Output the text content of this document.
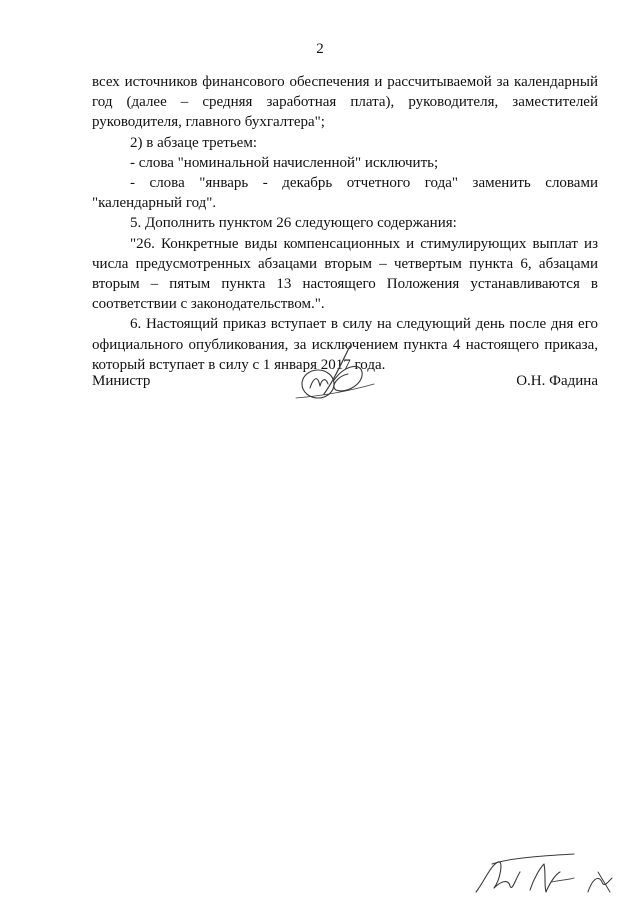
2

всех источников финансового обеспечения и рассчитываемой за календарный год (далее – средняя заработная плата), руководителя, заместителей руководителя, главного бухгалтера";

2) в абзаце третьем:

- слова "номинальной начисленной" исключить;

- слова "январь - декабрь отчетного года" заменить словами "календарный год".

5. Дополнить пунктом 26 следующего содержания:

"26. Конкретные виды компенсационных и стимулирующих выплат из числа предусмотренных абзацами вторым – четвертым пункта 6, абзацами вторым – пятым пункта 13 настоящего Положения устанавливаются в соответствии с законодательством.".

6. Настоящий приказ вступает в силу на следующий день после дня его официального опубликования, за исключением пункта 4 настоящего приказа, который вступает в силу с 1 января 2017 года.

Министр	О.Н. Фадина
